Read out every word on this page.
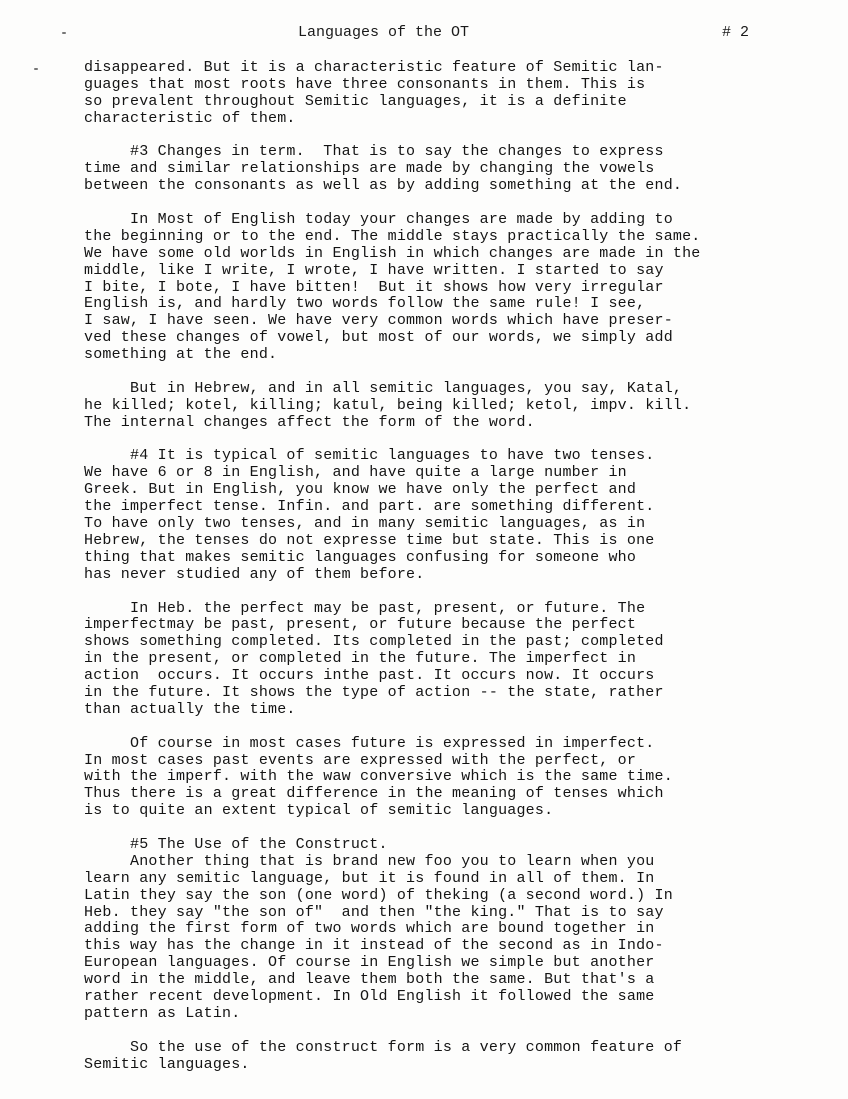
Languages of the OT	# 2
disappeared. But it is a characteristic feature of Semitic lan-
guages that most roots have three consonants in them. This is
so prevalent throughout Semitic languages, it is a definite
characteristic of them.
#3 Changes in term.  That is to say the changes to express
time and similar relationships are made by changing the vowels
between the consonants as well as by adding something at the end.
In Most of English today your changes are made by adding to
the beginning or to the end. The middle stays practically the same.
We have some old worlds in English in which changes are made in the
middle, like I write, I wrote, I have written. I started to say
I bite, I bote, I have bitten!  But it shows how very irregular
English is, and hardly two words follow the same rule! I see,
I saw, I have seen. We have very common words which have preser-
ved these changes of vowel, but most of our words, we simply add
something at the end.
But in Hebrew, and in all semitic languages, you say, Katal,
he killed; kotel, killing; katul, being killed; ketol, impv. kill.
The internal changes affect the form of the word.
#4 It is typical of semitic languages to have two tenses.
We have 6 or 8 in English, and have quite a large number in
Greek. But in English, you know we have only the perfect and
the imperfect tense. Infin. and part. are something different.
To have only two tenses, and in many semitic languages, as in
Hebrew, the tenses do not expresse time but state. This is one
thing that makes semitic languages confusing for someone who
has never studied any of them before.
In Heb. the perfect may be past, present, or future. The
imperfectmay be past, present, or future because the perfect
shows something completed. Its completed in the past; completed
in the present, or completed in the future. The imperfect in
action  occurs. It occurs inthe past. It occurs now. It occurs
in the future. It shows the type of action -- the state, rather
than actually the time.
Of course in most cases future is expressed in imperfect.
In most cases past events are expressed with the perfect, or
with the imperf. with the waw conversive which is the same time.
Thus there is a great difference in the meaning of tenses which
is to quite an extent typical of semitic languages.
#5 The Use of the Construct.
Another thing that is brand new foo you to learn when you
learn any semitic language, but it is found in all of them. In
Latin they say the son (one word) of theking (a second word.) In
Heb. they say "the son of"  and then "the king." That is to say
adding the first form of two words which are bound together in
this way has the change in it instead of the second as in Indo-
European languages. Of course in English we simple but another
word in the middle, and leave them both the same. But that's a
rather recent development. In Old English it followed the same
pattern as Latin.
So the use of the construct form is a very common feature of
Semitic languages.
